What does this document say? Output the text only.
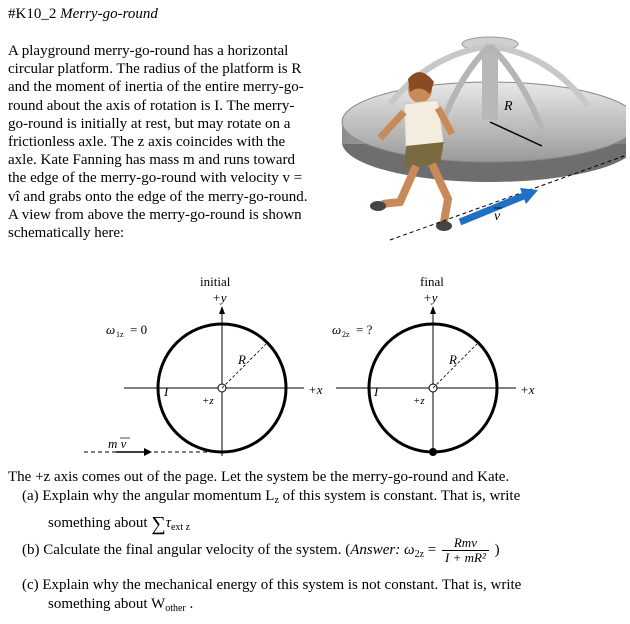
#K10_2 Merry-go-round
A playground merry-go-round has a horizontal circular platform. The radius of the platform is R and the moment of inertia of the entire merry-go-round about the axis of rotation is I. The merry-go-round is initially at rest, but may rotate on a frictionless axle. The z axis coincides with the axle. Kate Fanning has mass m and runs toward the edge of the merry-go-round with velocity v = vî and grabs onto the edge of the merry-go-round. A view from above the merry-go-round is shown schematically here:
R
v
initial
+y
R
I
+z
+x
ω 1z = 0
final
+y
R
I
+z
+x
ω 2z = ?
m v
The +z axis comes out of the page. Let the system be the merry-go-round and Kate.
(a) Explain why the angular momentum $L_z$ of this system is constant. That is, write
something about $\sum\tau_{ext z}$
(b) Calculate the final angular velocity of the system. (Answer: $\omega_{2z} = \frac{\text{Rmv}}{\text{I + mR²}}$ )
(c) Explain why the mechanical energy of this system is not constant. That is, write
something about $W_{other}$ .
